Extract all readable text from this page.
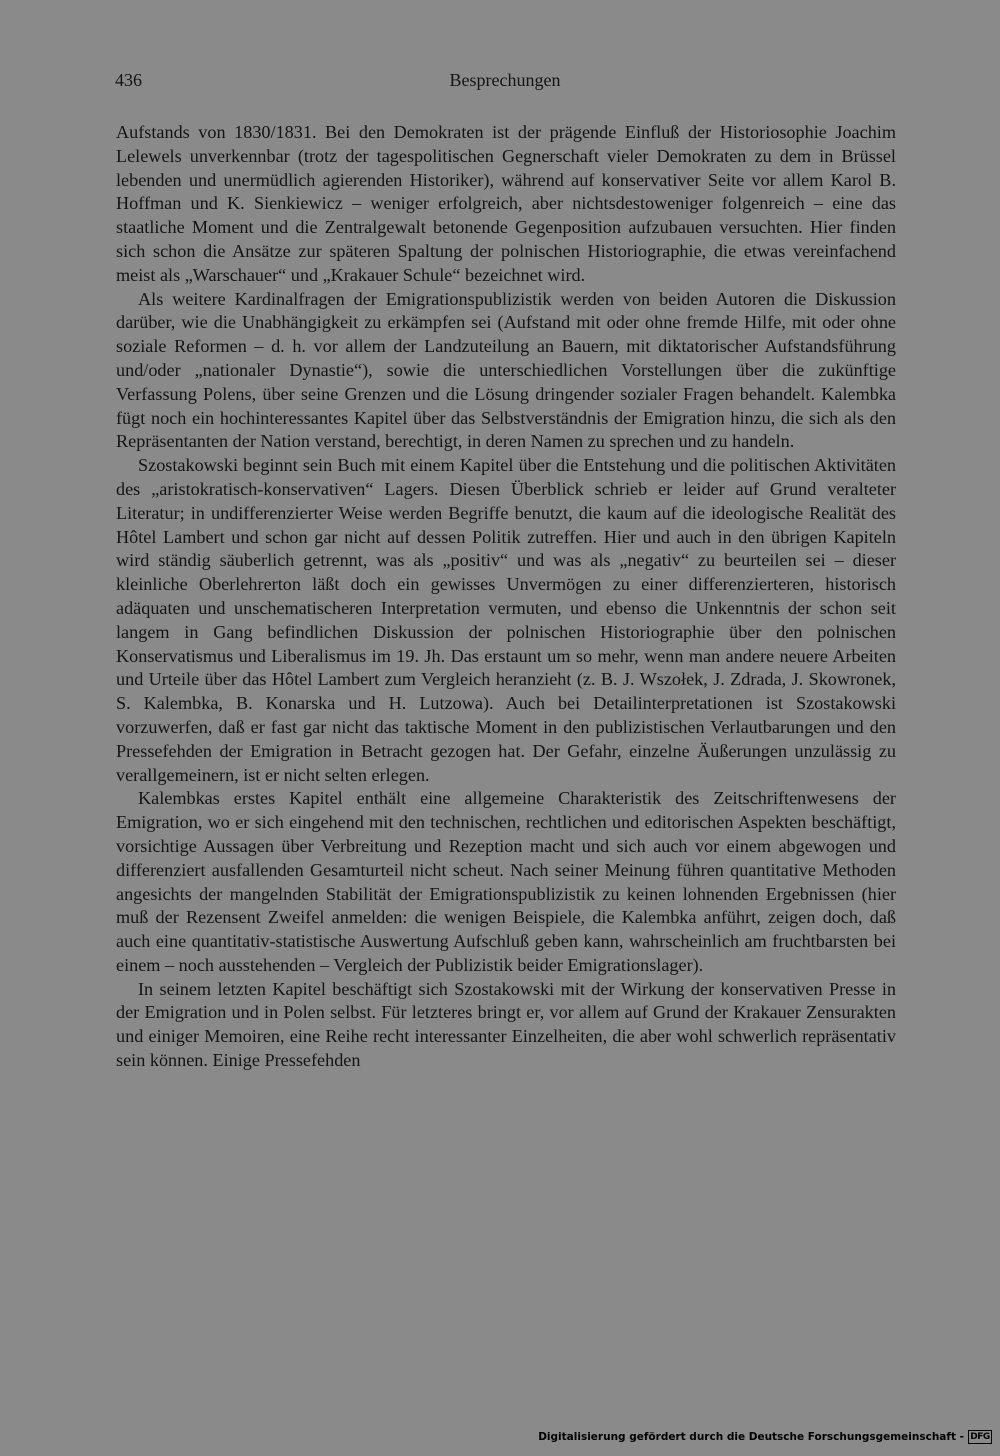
436	Besprechungen

Aufstands von 1830/1831. Bei den Demokraten ist der prägende Einfluß der Historiosophie Joachim Lelewels unverkennbar (trotz der tagespolitischen Gegnerschaft vieler Demokraten zu dem in Brüssel lebenden und unermüdlich agierenden Historiker), während auf konservativer Seite vor allem Karol B. Hoffman und K. Sienkiewicz – weniger erfolgreich, aber nichtsdestoweniger folgenreich – eine das staatliche Moment und die Zentralgewalt betonende Gegenposition aufzubauen versuchten. Hier finden sich schon die Ansätze zur späteren Spaltung der polnischen Historiographie, die etwas vereinfachend meist als „Warschauer“ und „Krakauer Schule“ bezeichnet wird.

Als weitere Kardinalfragen der Emigrationspublizistik werden von beiden Autoren die Diskussion darüber, wie die Unabhängigkeit zu erkämpfen sei (Aufstand mit oder ohne fremde Hilfe, mit oder ohne soziale Reformen – d. h. vor allem der Landzuteilung an Bauern, mit diktatorischer Aufstandsführung und/oder „nationaler Dynastie“), sowie die unterschiedlichen Vorstellungen über die zukünftige Verfassung Polens, über seine Grenzen und die Lösung dringender sozialer Fragen behandelt. Kalembka fügt noch ein hochinteressantes Kapitel über das Selbstverständnis der Emigration hinzu, die sich als den Repräsentanten der Nation verstand, berechtigt, in deren Namen zu sprechen und zu handeln.

Szostakowski beginnt sein Buch mit einem Kapitel über die Entstehung und die politischen Aktivitäten des „aristokratisch-konservativen“ Lagers. Diesen Überblick schrieb er leider auf Grund veralteter Literatur; in undifferenzierter Weise werden Begriffe benutzt, die kaum auf die ideologische Realität des Hôtel Lambert und schon gar nicht auf dessen Politik zutreffen. Hier und auch in den übrigen Kapiteln wird ständig säuberlich getrennt, was als „positiv“ und was als „negativ“ zu beurteilen sei – dieser kleinliche Oberlehrerton läßt doch ein gewisses Unvermögen zu einer differenzierteren, historisch adäquaten und unschematischeren Interpretation vermuten, und ebenso die Unkenntnis der schon seit langem in Gang befindlichen Diskussion der polnischen Historiographie über den polnischen Konservatismus und Liberalismus im 19. Jh. Das erstaunt um so mehr, wenn man andere neuere Arbeiten und Urteile über das Hôtel Lambert zum Vergleich heranzieht (z. B. J. Wszołek, J. Zdrada, J. Skowronek, S. Kalembka, B. Konarska und H. Lutzowa). Auch bei Detailinterpretationen ist Szostakowski vorzuwerfen, daß er fast gar nicht das taktische Moment in den publizistischen Verlautbarungen und den Pressefehden der Emigration in Betracht gezogen hat. Der Gefahr, einzelne Äußerungen unzulässig zu verallgemeinern, ist er nicht selten erlegen.

Kalembkas erstes Kapitel enthält eine allgemeine Charakteristik des Zeitschriftenwesens der Emigration, wo er sich eingehend mit den technischen, rechtlichen und editorischen Aspekten beschäftigt, vorsichtige Aussagen über Verbreitung und Rezeption macht und sich auch vor einem abgewogen und differenziert ausfallenden Gesamturteil nicht scheut. Nach seiner Meinung führen quantitative Methoden angesichts der mangelnden Stabilität der Emigrationspublizistik zu keinen lohnenden Ergebnissen (hier muß der Rezensent Zweifel anmelden: die wenigen Beispiele, die Kalembka anführt, zeigen doch, daß auch eine quantitativ-statistische Auswertung Aufschluß geben kann, wahrscheinlich am fruchtbarsten bei einem – noch ausstehenden – Vergleich der Publizistik beider Emigrationslager).

In seinem letzten Kapitel beschäftigt sich Szostakowski mit der Wirkung der konservativen Presse in der Emigration und in Polen selbst. Für letzteres bringt er, vor allem auf Grund der Krakauer Zensurakten und einiger Memoiren, eine Reihe recht interessanter Einzelheiten, die aber wohl schwerlich repräsentativ sein können. Einige Pressefehden

Digitalisierung gefördert durch die Deutsche Forschungsgemeinschaft - DFG
